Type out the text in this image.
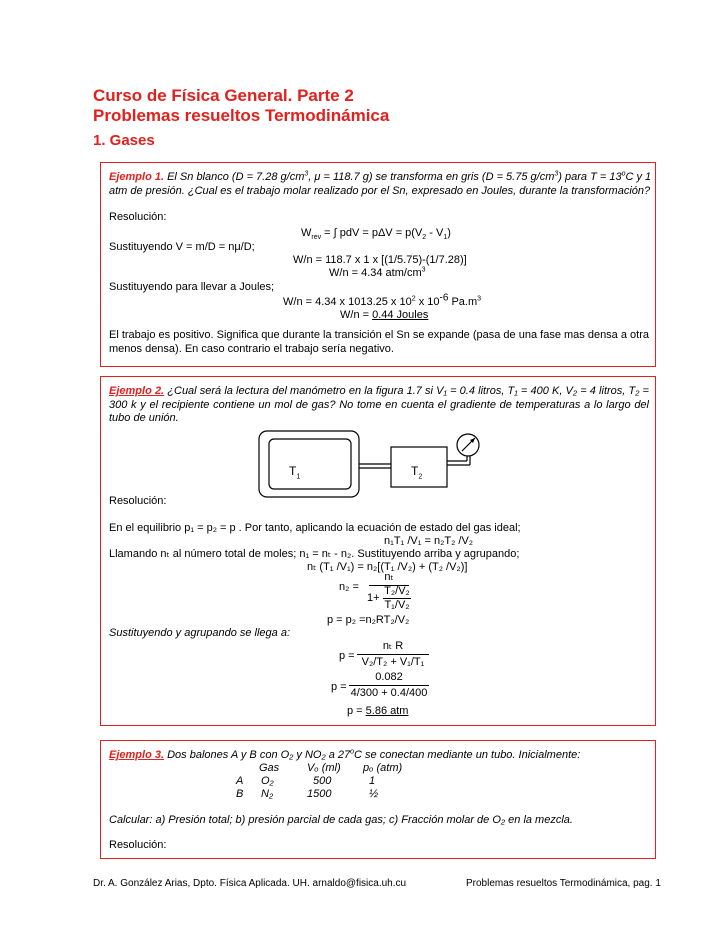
Curso de Física General. Parte 2
Problemas resueltos Termodinámica
1. Gases
Ejemplo 1. El Sn blanco (D = 7.28 $g/cm^3$, μ = 118.7 g) se transforma en gris (D = 5.75 $g/cm^3$) para $T = 13^oC$ y 1
atm de presión. ¿Cual es el trabajo molar realizado por el Sn, expresado en Joules, durante la transformación?
Resolución:
$W_{rev}$ = ∫ pdV = $p\Delta V = p(V_2 - V_1)$
Sustituyendo V = m/D = nμ/D;
W/n = 118.7 x 1 x [(1/5.75)-(1/7.28)]
W/n = 4.34 atm/$cm^3$
Sustituyendo para llevar a Joules;
W/n = 4.34 x 1013.25 x $10^2$ x $10^{-6}$ $Pa.m^3$
W/n = 0.44 Joules
El trabajo es positivo. Significa que durante la transición el Sn se expande (pasa de una fase mas densa a otra menos densa). En caso contrario el trabajo sería negativo.
Ejemplo 2. ¿Cual será la lectura del manómetro en la figura 1.7 si V₁ = 0.4 litros, T₁ = 400 K, V₂ = 4 litros, T₂ = 300 k y el recipiente contiene un mol de gas? No tome en cuenta el gradiente de temperaturas a lo largo del tubo de unión.
$T_1$	$T_2$
Resolución:
En el equilibrio p₁ = p₂ = p . Por tanto, aplicando la ecuación de estado del gas ideal;
n₁T₁ /V₁ = n₂T₂ /V₂
Llamando nₜ al número total de moles; n₁ = nₜ - n₂. Sustituyendo arriba y agrupando;
nₜ (T₁ /V₁) = n₂[(T₁ /V₂) + (T₂ /V₂)]
n₂ =
nₜ
1+
T₂/V₂
T₁/V₂
p = p₂ =n₂RT₂/V₂
Sustituyendo y agrupando se llega a:
p =
nₜ R
V₂/T₂ + V₁/T₁
p =
0.082
4/300 + 0.4/400
p = 5.86 atm
Ejemplo 3. Dos balones A y B con O₂ y NO₂ a 27$^o$C se conectan mediante un tubo. Inicialmente:
Gas	Vₒ (ml) pₒ (atm)
A O₂	500	1
B N₂	1500	½
Calcular: a) Presión total; b) presión parcial de cada gas; c) Fracción molar de O₂ en la mezcla.
Resolución:
Dr. A. González Arias, Dpto. Física Aplicada. UH. arnaldo@fisica.uh.cu	Problemas resueltos Termodinámica, pag. 1
